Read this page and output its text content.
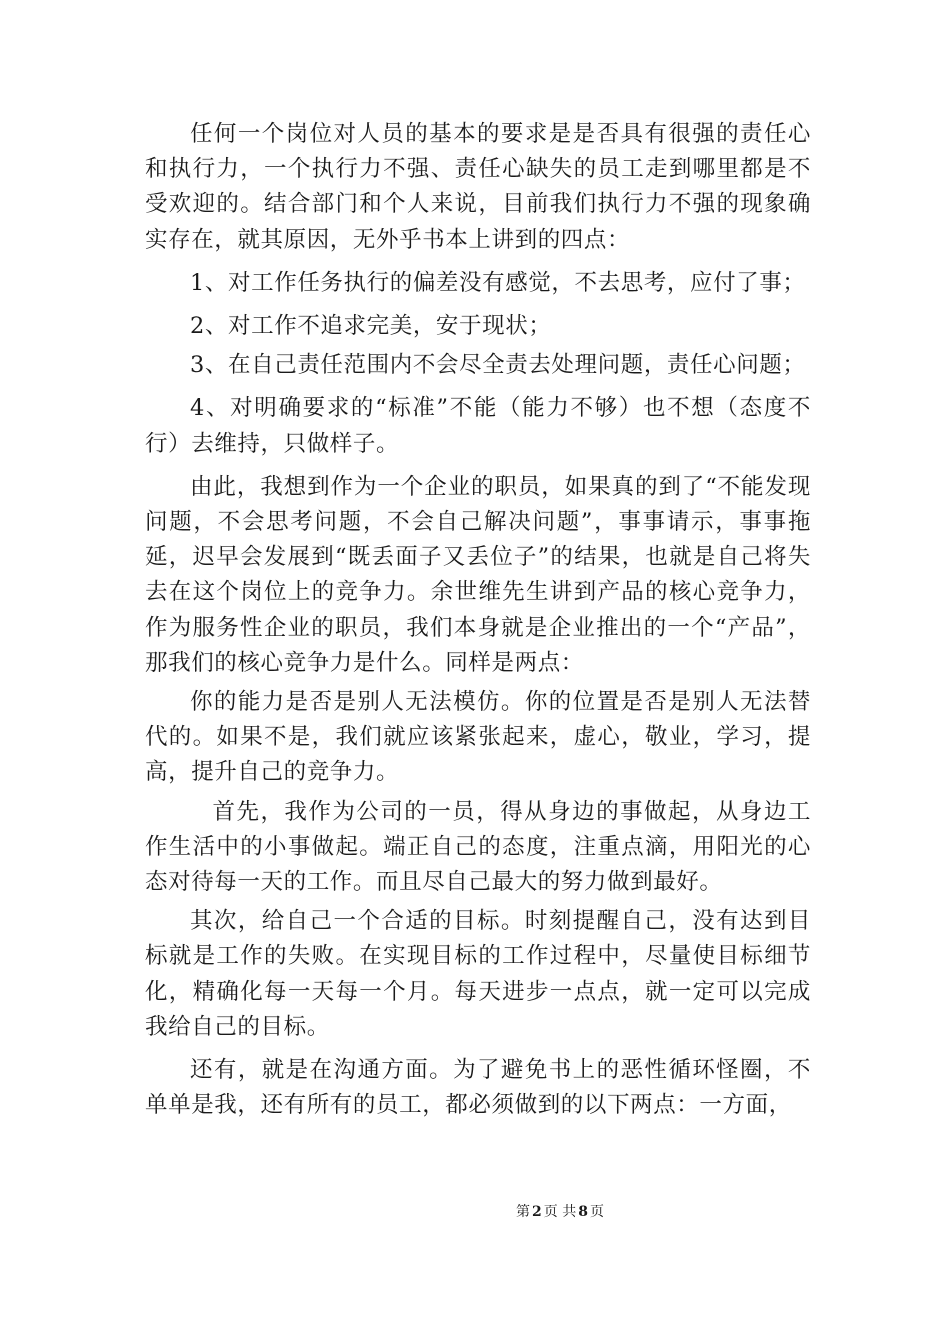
任何一个岗位对人员的基本的要求是是否具有很强的责任心和执行力，一个执行力不强、责任心缺失的员工走到哪里都是不受欢迎的。结合部门和个人来说，目前我们执行力不强的现象确实存在，就其原因，无外乎书本上讲到的四点：

1、对工作任务执行的偏差没有感觉，不去思考，应付了事；

2、对工作不追求完美，安于现状；

3、在自己责任范围内不会尽全责去处理问题，责任心问题；

4、对明确要求的“标准”不能（能力不够）也不想（态度不行）去维持，只做样子。

由此，我想到作为一个企业的职员，如果真的到了“不能发现问题，不会思考问题，不会自己解决问题”，事事请示，事事拖延，迟早会发展到“既丢面子又丢位子”的结果，也就是自己将失去在这个岗位上的竞争力。余世维先生讲到产品的核心竞争力，作为服务性企业的职员，我们本身就是企业推出的一个“产品”，那我们的核心竞争力是什么。同样是两点：

你的能力是否是别人无法模仿。你的位置是否是别人无法替代的。如果不是，我们就应该紧张起来，虚心，敬业，学习，提高，提升自己的竞争力。

首先，我作为公司的一员，得从身边的事做起，从身边工作生活中的小事做起。端正自己的态度，注重点滴，用阳光的心态对待每一天的工作。而且尽自己最大的努力做到最好。

其次，给自己一个合适的目标。时刻提醒自己，没有达到目标就是工作的失败。在实现目标的工作过程中，尽量使目标细节化，精确化每一天每一个月。每天进步一点点，就一定可以完成我给自己的目标。

还有，就是在沟通方面。为了避免书上的恶性循环怪圈，不单单是我，还有所有的员工，都必须做到的以下两点：一方面，

第 2 页 共 8 页
